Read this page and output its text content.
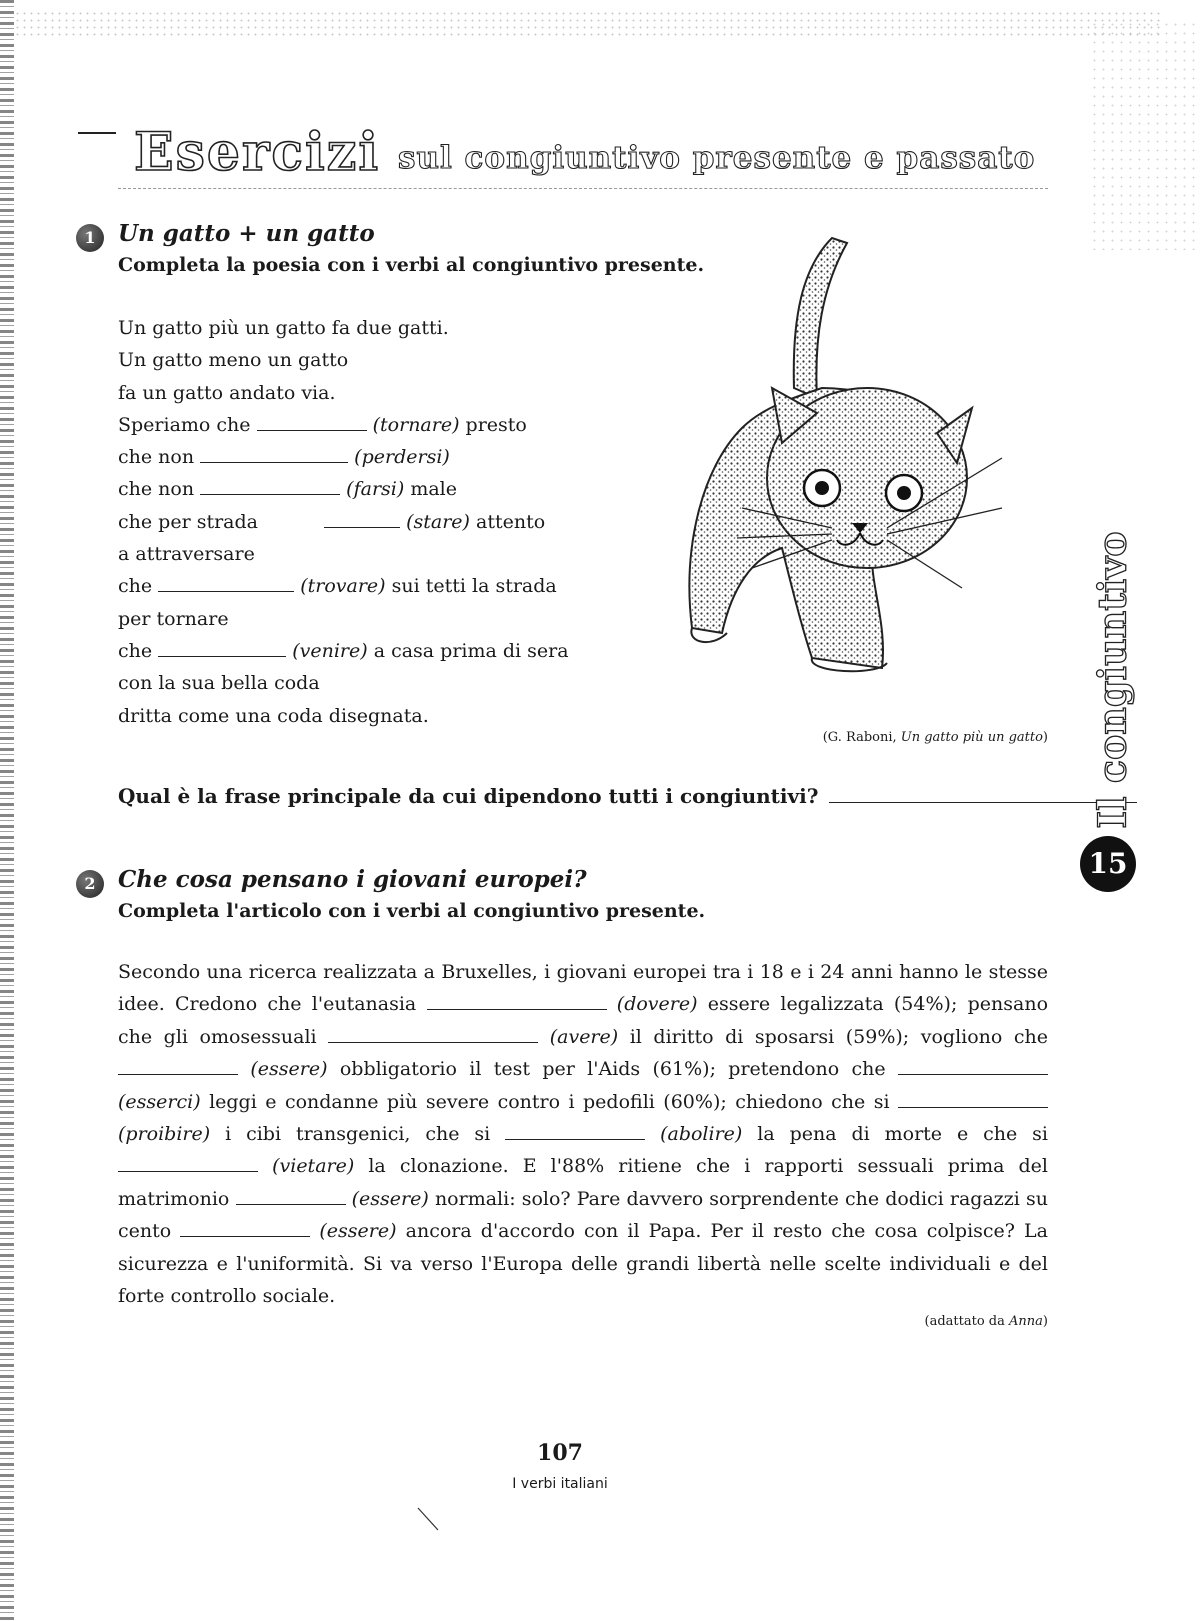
Esercizi sul congiuntivo presente e passato
1 Un gatto + un gatto
Completa la poesia con i verbi al congiuntivo presente.
Un gatto più un gatto fa due gatti.
Un gatto meno un gatto
fa un gatto andato via.
Speriamo che	(tornare) presto
che non	(perdersi)
che non	(farsi) male
che per strada	(stare) attento
a attraversare
che	(trovare) sui tetti la strada
per tornare
che	(venire) a casa prima di sera
con la sua bella coda
dritta come una coda disegnata.
(G. Raboni, Un gatto più un gatto)
Qual è la frase principale da cui dipendono tutti i congiuntivi?
2 Che cosa pensano i giovani europei?
Completa l'articolo con i verbi al congiuntivo presente.
Secondo una ricerca realizzata a Bruxelles, i giovani europei tra i 18 e i 24 anni hanno le stesse idee. Credono che l'eutanasia	(dovere) essere legalizzata (54%); pensano che gli omosessuali	(avere) il diritto di sposarsi (59%); vogliono che  (essere) obbligatorio il test per l'Aids (61%); pretendono che  (esserci) leggi e condanne più severe contro i pedofili (60%); chiedono che si  (proibire) i cibi transgenici, che si	(abolire) la pena di morte e che si  (vietare) la clonazione. E l'88% ritiene che i rapporti sessuali prima del matrimonio	(essere) normali: solo? Pare davvero sorprendente che dodici ragazzi su cento	(essere) ancora d'accordo con il Papa. Per il resto che cosa colpisce? La sicurezza e l'uniformità. Si va verso l'Europa delle grandi libertà nelle scelte individuali e del forte controllo sociale.
(adattato da Anna)
Il congiuntivo
15
107
I verbi italiani
